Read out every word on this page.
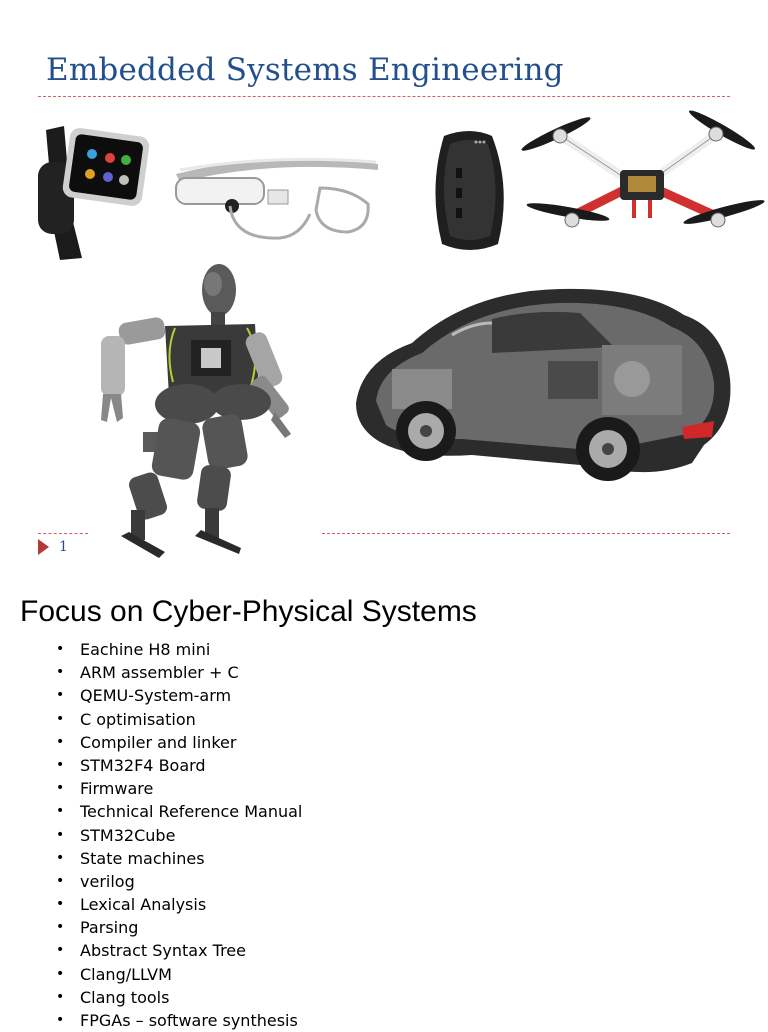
Embedded Systems Engineering
1
Focus on Cyber-Physical Systems
• Eachine H8 mini
• ARM assembler + C
• QEMU-System-arm
• C optimisation
• Compiler and linker
• STM32F4 Board
• Firmware
• Technical Reference Manual
• STM32Cube
• State machines
• verilog
• Lexical Analysis
• Parsing
• Abstract Syntax Tree
• Clang/LLVM
• Clang tools
• FPGAs – software synthesis
